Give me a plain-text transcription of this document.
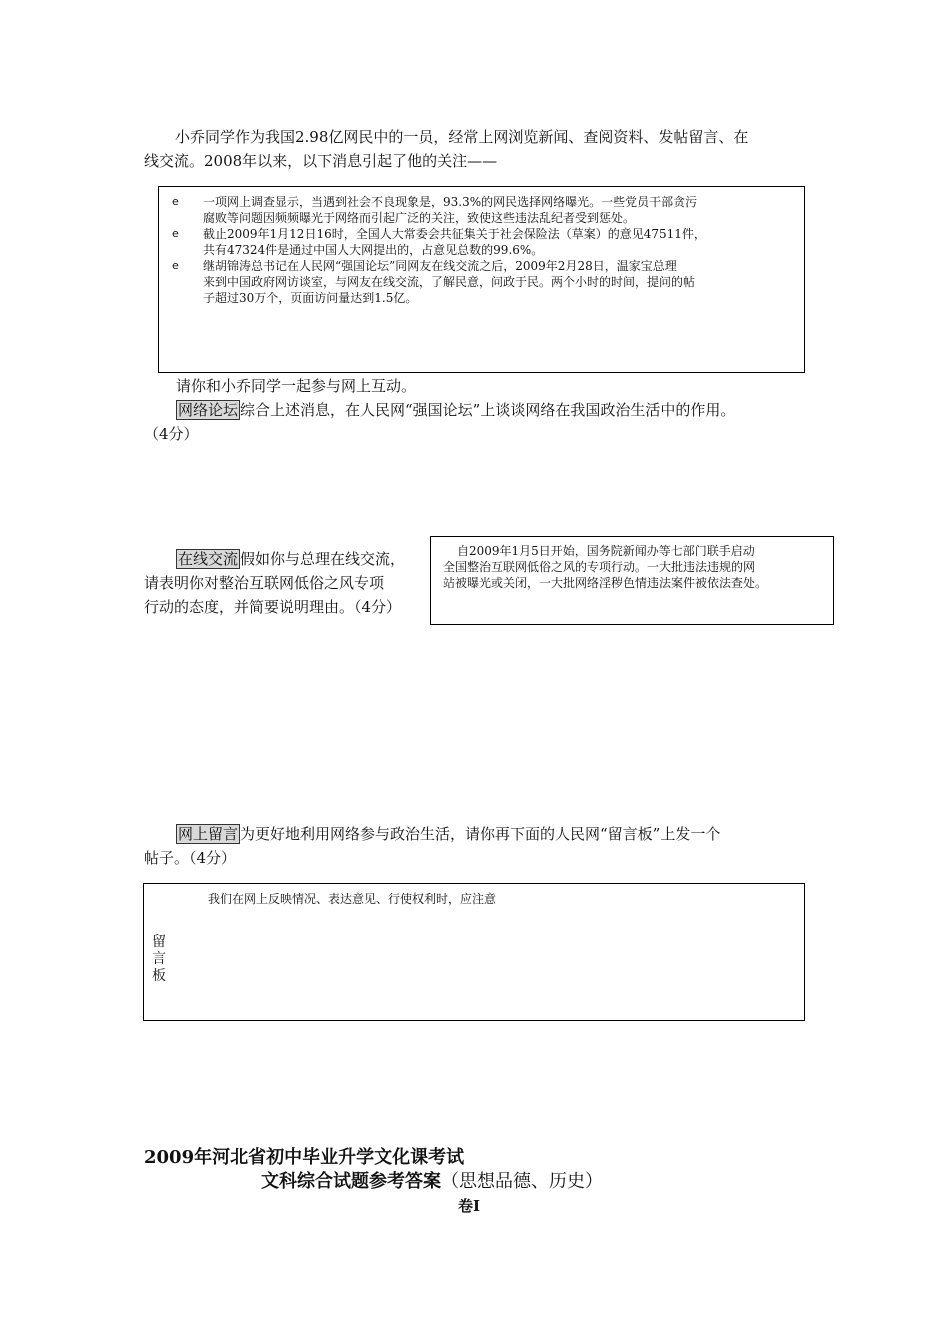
小乔同学作为我国2.98亿网民中的一员，经常上网浏览新闻、查阅资料、发帖留言、在
线交流。2008年以来，以下消息引起了他的关注——
e 一项网上调查显示，当遇到社会不良现象是，93.3%的网民选择网络曝光。一些党员干部贪污
腐败等问题因频频曝光于网络而引起广泛的关注，致使这些违法乱纪者受到惩处。
e 截止2009年1月12日16时，全国人大常委会共征集关于社会保险法（草案）的意见47511件，
共有47324件是通过中国人大网提出的，占意见总数的99.6%。
e 继胡锦涛总书记在人民网“强国论坛”同网友在线交流之后，2009年2月28日，温家宝总理
来到中国政府网访谈室，与网友在线交流，了解民意，问政于民。两个小时的时间，提问的帖
子超过30万个，页面访问量达到1.5亿。
请你和小乔同学一起参与网上互动。
网络论坛 综合上述消息，在人民网“强国论坛”上谈谈网络在我国政治生活中的作用。
（4分）
在线交流 假如你与总理在线交流，
请表明你对整治互联网低俗之风专项
行动的态度，并简要说明理由。（4分）
自2009年1月5日开始，国务院新闻办等七部门联手启动
全国整治互联网低俗之风的专项行动。一大批违法违规的网
站被曝光或关闭，一大批网络淫秽色情违法案件被依法查处。
网上留言 为更好地利用网络参与政治生活，请你再下面的人民网“留言板”上发一个
帖子。（4分）
我们在网上反映情况、表达意见、行使权利时，应注意
留
言
板
2009年河北省初中毕业升学文化课考试
文科综合试题参考答案（思想品德、历史）
卷Ⅰ
